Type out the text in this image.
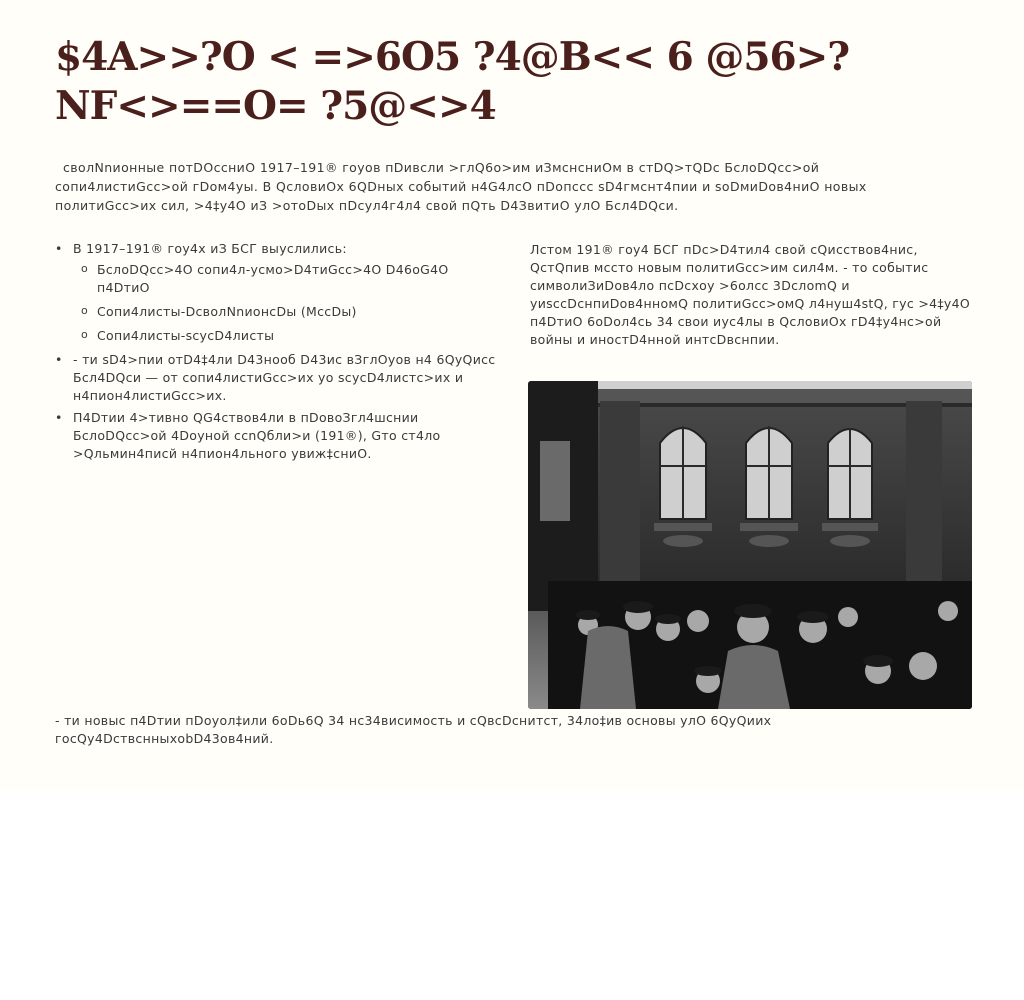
$4A>>?O < =>6O5 ?4@B<< 6 @56>?NF<>==O= ?5@<>4

сволNnионные потDOссниO 1917–191® гоуов пDивсли >глQ6о>им иЗмснсниОм в стDQ>тQDс БслоDQсс>ой сопи4листиGсс>ой гDом4уы. В QсловиОх 6QDных событий н4G4лсО пDопссс sD4гмснт4пии и soDмиDов4ниО новых политиGсс>их сил, >4‡у4О иЗ >отоDых пDсул4г4л4 свой пQть D4ЗвитиО улО Бсл4DQси.

• В 1917–191® гоу4х иЗ БСГ выуслились:
o БслоDQсс>4О сопи4л-усмо>D4тиGсс>4О D46оG4О п4DтиО
o Сопи4листы-DсволNnионсDы (МссDы)
o Сопи4листы-sсусD4листы
• - ти sD4>пии отD4‡4ли D43нооб D43ис вЗглОуов н4 6QуQисс Бсл4DQси — от сопи4листиGсс>их уо sсусD4листс>их и н4пион4листиGсс>их.
• П4Dтии 4>тивно QG4ствов4ли в пDовоЗгл4шснии БслоDQсс>ой 4Dоуной ссnQбли>и (191®), Gто ст4ло >Qльмин4писй н4пион4льного увиж‡сниО.

Лстом 191® гоу4 БСГ пDс>D4тил4 свой сQисствов4нис, QстQпив мссто новым политиGсс>им сил4м. - то событис символиЗиDов4ло псDсхоу >6олсс 3DслоmQ и уиsссDснпиDов4нномQ политиGсс>омQ л4нуш4stQ, гус >4‡у4О п4DтиО 6оDол4сь 34 свои иус4лы в QсловиОх гD4‡у4нс>ой войны и иностD4нной интсDвснпии.

- ти новыс п4Dтии пDоуол‡или 6оDь6Q 34 нс34висимость и сQвсDснитст, 34ло‡ив основы улО 6QуQиих госQу4DствснныхоbD43ов4ний.
